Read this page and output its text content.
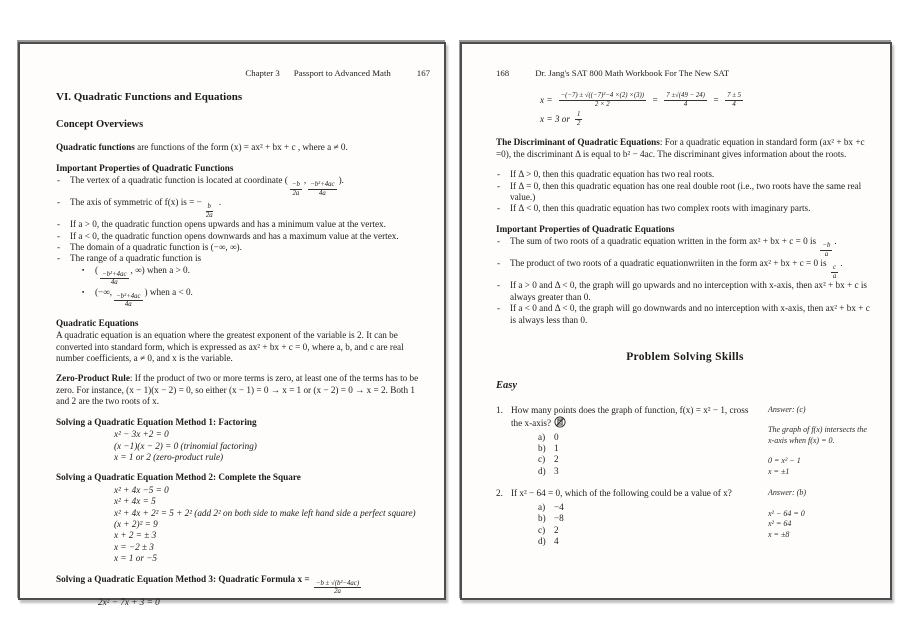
Chapter 3 Passport to Advanced Math	167
VI. Quadratic Functions and Equations
Concept Overviews

Quadratic functions are functions of the form (x) = ax² + bx + c , where a ≠ 0.

Important Properties of Quadratic Functions
-	The vertex of a quadratic function is located at coordinate (
$\frac{-b}{2a}$
,
$\frac{\text{−b²+4ac}}{4a}$
).
-	The axis of symmetric of f(x) is = −
$\frac{b}{2a}$
.
-	If a > 0, the quadratic function opens upwards and has a minimum value at the vertex.
-	If a < 0, the quadratic function opens downwards and has a maximum value at the vertex.
-	The domain of a quadratic function is (−∞, ∞).
-	The range of a quadratic function is
▪	(
$\frac{\text{−b²+4ac}}{4a}$
, ∞) when a > 0.
▪	(−∞,
$\frac{\text{−b²+4ac}}{4a}$
) when a < 0.
Quadratic Equations

A quadratic equation is an equation where the greatest exponent of the variable is 2. It can be converted into standard form, which is expressed as ax² + bx + c = 0, where a, b, and c are real number coefficients, a ≠ 0, and x is the variable.

Zero-Product Rule: If the product of two or more terms is zero, at least one of the terms has to be zero. For instance, (x − 1)(x − 2) = 0, so either (x − 1) = 0 → x = 1 or (x − 2) = 0 → x = 2. Both 1 and 2 are the two roots of x.

Solving a Quadratic Equation Method 1: Factoring
x² − 3x +2 = 0
(x −1)(x − 2) = 0 (trinomial factoring)
x = 1 or 2 (zero-product rule)
Solving a Quadratic Equation Method 2: Complete the Square
x² + 4x −5 = 0
x² + 4x = 5
x² + 4x + 2² = 5 + 2² (add 2² on both side to make left hand side a perfect square)
(x + 2)² = 9
x + 2 = ± 3
x = −2 ± 3
x = 1 or −5
Solving a Quadratic Equation Method 3: Quadratic Formula x =
$\frac{\text{−b ± √(b²−4ac)}}{2a}$
2x² − 7x + 3 = 0
168	Dr. Jang's SAT 800 Math Workbook For The New SAT
$x = \frac{\text{−(−7) ± √((−7)²−4 ×(2) ×(3))}}{2 \times 2} = \frac{7 \pm√(49 - 24)}{4} = \frac{7 \pm 5}{4}$
x = 3 or $\frac{1}{2}$

The Discriminant of Quadratic Equations: For a quadratic equation in standard form (ax² + bx +c =0), the discriminant Δ is equal to b² − 4ac. The discriminant gives information about the roots.

-	If Δ > 0, then this quadratic equation has two real roots.
-	If Δ = 0, then this quadratic equation has one real double root (i.e., two roots have the same real value.)
-	If Δ < 0, then this quadratic equation has two complex roots with imaginary parts.
Important Properties of Quadratic Equations
-	The sum of two roots of a quadratic equation written in the form ax² + bx + c = 0 is
$\frac{-b}{a}$
.
-	The product of two roots of a quadratic equationwriiten in the form ax² + bx + c = 0 is
$\frac{c}{a}$
.
-	If a > 0 and Δ < 0, the graph will go upwards and no interception with x-axis, then ax² + bx + c is always greater than 0.
-	If a < 0 and Δ < 0, the graph will go downwards and no interception with x-axis, then ax² + bx + c is always less than 0.
Problem Solving Skills
Easy
1. How many points does the graph of function, f(x) = x² − 1, cross the x-axis?
a) 0
b) 1
c) 2
d) 3
Answer: (c)
The graph of f(x) intersects the x-axis when f(x) = 0.
0 = x² − 1
x = ±1
2. If x² − 64 = 0, which of the following could be a value of x?
a) −4
b) −8
c) 2
d) 4
Answer: (b)
x² − 64 = 0
x² = 64
x = ±8
